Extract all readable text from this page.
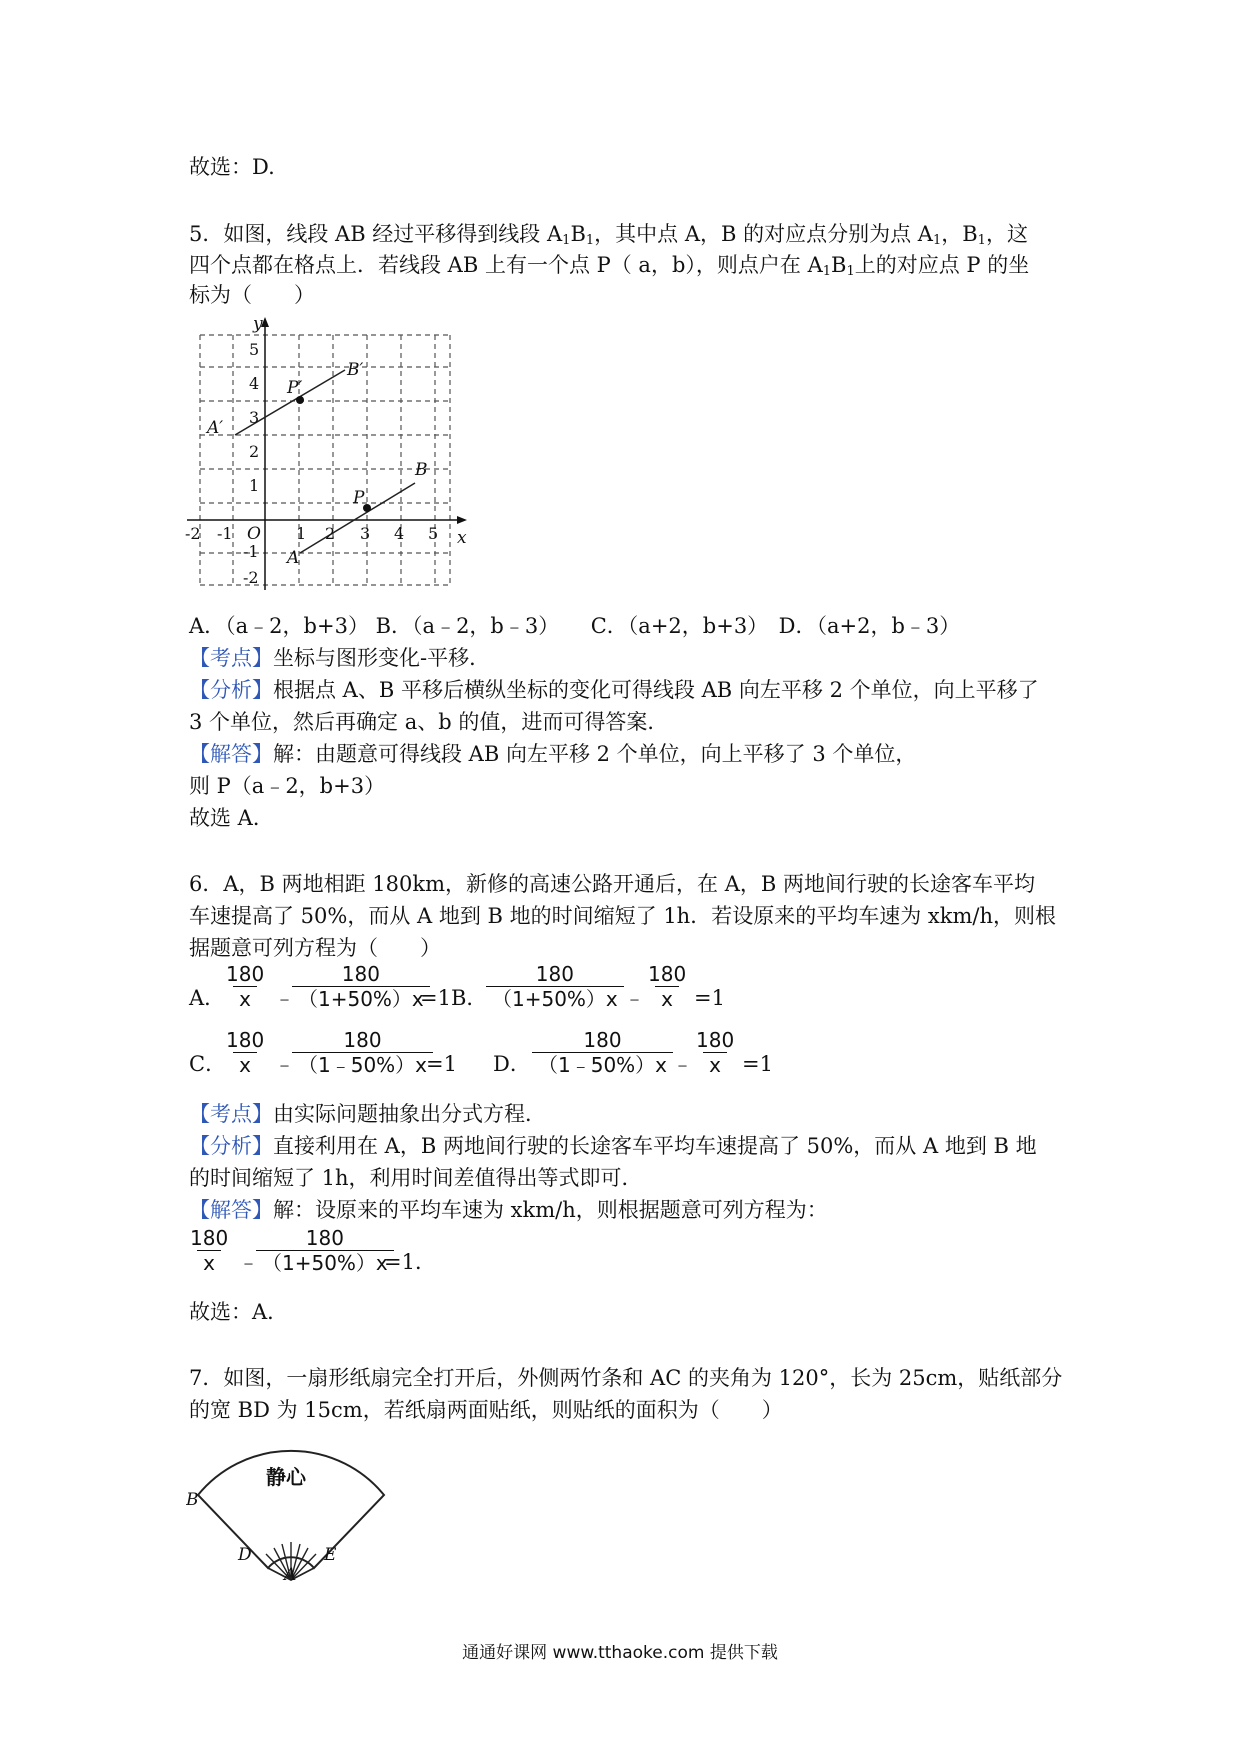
故选：D.
5．如图，线段 AB 经过平移得到线段 $A_1B_1$，其中点 A，B 的对应点分别为点 $A_1$，$B_1$，这
四个点都在格点上．若线段 AB 上有一个点 P（ a，b），则点户在 $A_1B_1$上的对应点 P 的坐
标为（　　）
y
x
O
B′
P′
A′
B
P
A
-2 -1	1 2 3 4 5
5
4
3
2
1
-1
-2
A．（a﹣2，b+3） B．（a﹣2，b﹣3）　　C．（a+2，b+3）　D．（a+2，b﹣3）
【考点】坐标与图形变化-平移．
【分析】根据点 A、B 平移后横纵坐标的变化可得线段 AB 向左平移 2 个单位，向上平移了
3 个单位，然后再确定 a、b 的值，进而可得答案．
【解答】解：由题意可得线段 AB 向左平移 2 个单位，向上平移了 3 个单位，
则 P（a﹣2，b+3）
故选 A．
6．A，B 两地相距 180km，新修的高速公路开通后，在 A，B 两地间行驶的长途客车平均
车速提高了 50%，而从 A 地到 B 地的时间缩短了 1h．若设原来的平均车速为 xkm/h，则根
据题意可列方程为（　　）
A．
$\frac{180}{x}$ ﹣
$\frac{180}{(1+50\%)x}$
=1 B．
$\frac{180}{(1+50\%)x}$ ﹣
$\frac{180}{x} =1$
C．
$\frac{180}{x}$ ﹣
$\frac{180}{(1﹣50\%)x}$
=1 D． $\frac{180}{(1﹣50\%)x}$
﹣
$\frac{180}{x} =1$
【考点】由实际问题抽象出分式方程．
【分析】直接利用在 A，B 两地间行驶的长途客车平均车速提高了 50%，而从 A 地到 B 地
的时间缩短了 1h，利用时间差值得出等式即可．
【解答】解：设原来的平均车速为 xkm/h，则根据题意可列方程为：
$\frac{180}{x}$ ﹣
$\frac{180}{(1+50\%)x}$
=1．
故选：A．
7．如图，一扇形纸扇完全打开后，外侧两竹条和 AC 的夹角为 120°，长为 25cm，贴纸部分
的宽 BD 为 15cm，若纸扇两面贴纸，则贴纸的面积为（　　）
静心
B
D	E
A
通通好课网 www.tthaoke.com 提供下载
